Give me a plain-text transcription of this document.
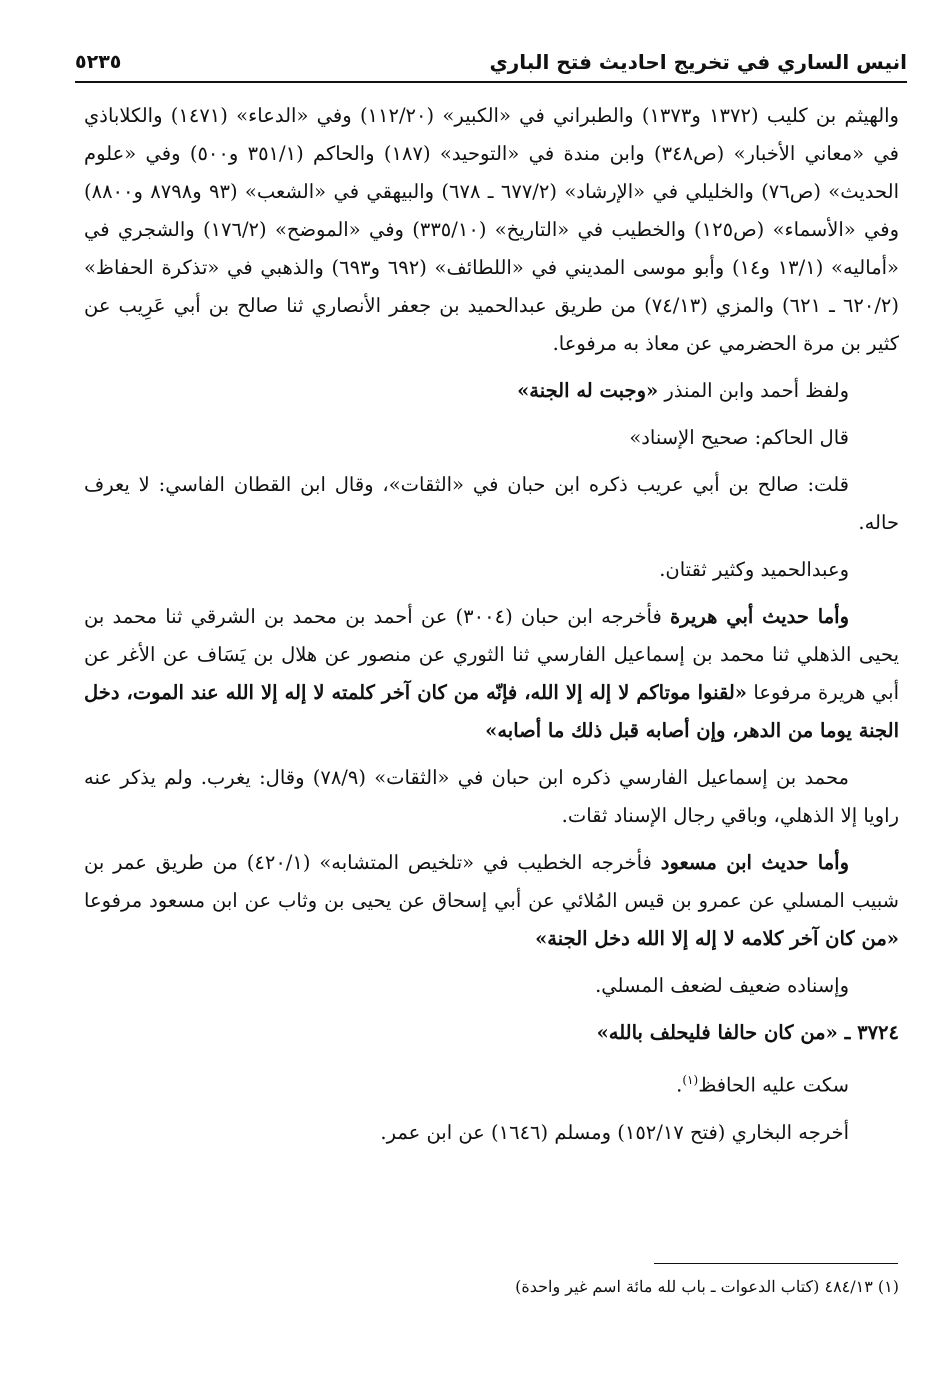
انيس الساري في تخريج احاديث فتح الباري
٥٢٣٥

والهيثم بن كليب (١٣٧٢ و١٣٧٣) والطبراني في «الكبير» (١١٢/٢٠) وفي «الدعاء» (١٤٧١) والكلاباذي في «معاني الأخبار» (ص٣٤٨) وابن مندة في «التوحيد» (١٨٧) والحاكم (٣٥١/١ و٥٠٠) وفي «علوم الحديث» (ص٧٦) والخليلي في «الإرشاد» (٦٧٧/٢ ـ ٦٧٨) والبيهقي في «الشعب» (٩٣ و٨٧٩٨ و٨٨٠٠) وفي «الأسماء» (ص١٢٥) والخطيب في «التاريخ» (٣٣٥/١٠) وفي «الموضح» (١٧٦/٢) والشجري في «أماليه» (١٣/١ و١٤) وأبو موسى المديني في «اللطائف» (٦٩٢ و٦٩٣) والذهبي في «تذكرة الحفاظ» (٦٢٠/٢ ـ ٦٢١) والمزي (٧٤/١٣) من طريق عبدالحميد بن جعفر الأنصاري ثنا صالح بن أبي عَرِيب عن كثير بن مرة الحضرمي عن معاذ به مرفوعا.

ولفظ أحمد وابن المنذر «وجبت له الجنة»

قال الحاكم: صحيح الإسناد»

قلت: صالح بن أبي عريب ذكره ابن حبان في «الثقات»، وقال ابن القطان الفاسي: لا يعرف حاله.

وعبدالحميد وكثير ثقتان.

وأما حديث أبي هريرة فأخرجه ابن حبان (٣٠٠٤) عن أحمد بن محمد بن الشرقي ثنا محمد بن يحيى الذهلي ثنا محمد بن إسماعيل الفارسي ثنا الثوري عن منصور عن هلال بن يَسَاف عن الأغر عن أبي هريرة مرفوعا «لقنوا موتاكم لا إله إلا الله، فإنّه من كان آخر كلمته لا إله إلا الله عند الموت، دخل الجنة يوما من الدهر، وإن أصابه قبل ذلك ما أصابه»

محمد بن إسماعيل الفارسي ذكره ابن حبان في «الثقات» (٧٨/٩) وقال: يغرب. ولم يذكر عنه راويا إلا الذهلي، وباقي رجال الإسناد ثقات.

وأما حديث ابن مسعود فأخرجه الخطيب في «تلخيص المتشابه» (٤٢٠/١) من طريق عمر بن شبيب المسلي عن عمرو بن قيس المُلائي عن أبي إسحاق عن يحيى بن وثاب عن ابن مسعود مرفوعا «من كان آخر كلامه لا إله إلا الله دخل الجنة»

وإسناده ضعيف لضعف المسلي.

٣٧٢٤ ـ «من كان حالفا فليحلف بالله»

سكت عليه الحافظ$^{(١)}$.

أخرجه البخاري (فتح ١٥٢/١٧) ومسلم (١٦٤٦) عن ابن عمر.

(١) ٤٨٤/١٣ (كتاب الدعوات ـ باب لله مائة اسم غير واحدة)
